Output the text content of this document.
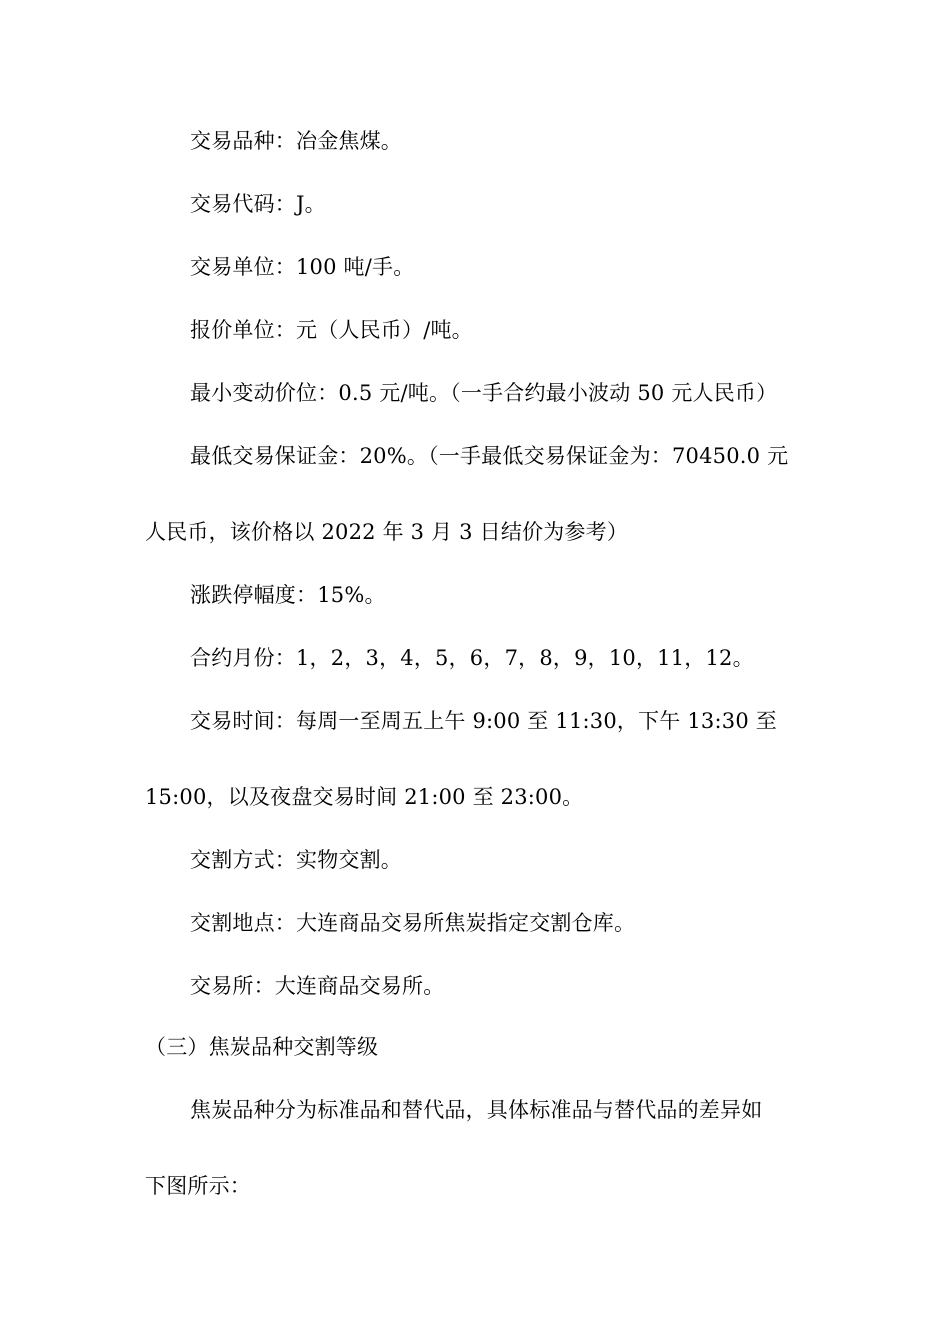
交易品种：冶金焦煤。
交易代码：J。
交易单位：100 吨/手。
报价单位：元（人民币）/吨。
最小变动价位：0.5 元/吨。（一手合约最小波动 50 元人民币）
最低交易保证金：20%。（一手最低交易保证金为：70450.0 元
人民币，该价格以 2022 年 3 月 3 日结价为参考）
涨跌停幅度：15%。
合约月份：1，2，3，4，5，6，7，8，9，10，11，12。
交易时间：每周一至周五上午 9:00 至 11:30，下午 13:30 至
15:00，以及夜盘交易时间 21:00 至 23:00。
交割方式：实物交割。
交割地点：大连商品交易所焦炭指定交割仓库。
交易所：大连商品交易所。
（三）焦炭品种交割等级
焦炭品种分为标准品和替代品，具体标准品与替代品的差异如
下图所示：
